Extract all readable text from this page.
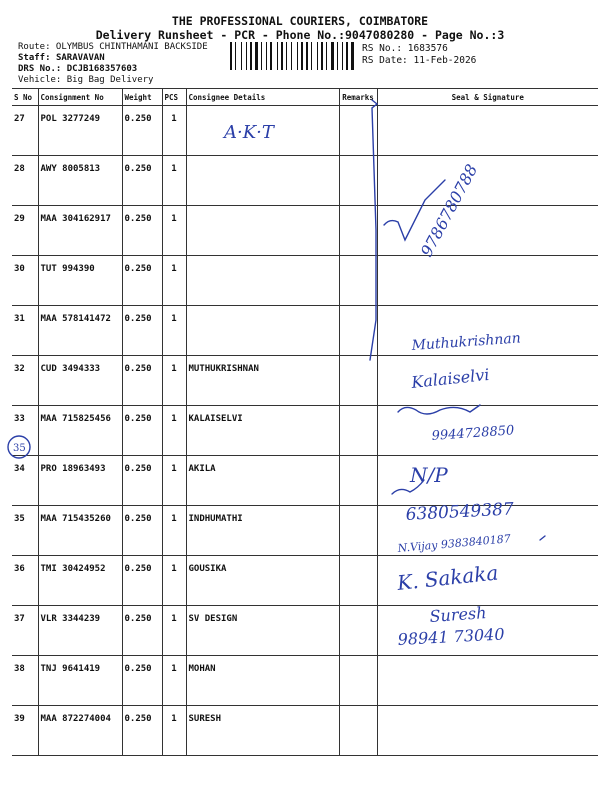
THE PROFESSIONAL COURIERS, COIMBATORE
Delivery Runsheet - PCR - Phone No.:9047080280 - Page No.:3
Route: OLYMBUS CHINTHAMANI BACKSIDE
Staff: SARAVAVAN
DRS No.: DCJB168357603
Vehicle: Big Bag Delivery
RS No.: 1683576
RS Date: 11-Feb-2026
S No	Consignment No	Weight	PCS	Consignee Details	Remarks	Seal & Signature
27	POL 3277249	0.250	1			
28	AWY 8005813	0.250	1			
29	MAA 304162917	0.250	1			
30	TUT 994390	0.250	1			
31	MAA 578141472	0.250	1			
32	CUD 3494333	0.250	1	MUTHUKRISHNAN		
33	MAA 715825456	0.250	1	KALAISELVI		
34	PRO 18963493	0.250	1	AKILA		
35	MAA 715435260	0.250	1	INDHUMATHI		
36	TMI 30424952	0.250	1	GOUSIKA		
37	VLR 3344239	0.250	1	SV DESIGN		
38	TNJ 9641419	0.250	1	MOHAN		
39	MAA 872274004	0.250	1	SURESH		
A·K·T
9786780788
Muthukrishnan
Kalaiselvi
9944728850
N/P
6380549387
N.Vijay 9383840187
K. Sakaka
Suresh
98941 73040
35
